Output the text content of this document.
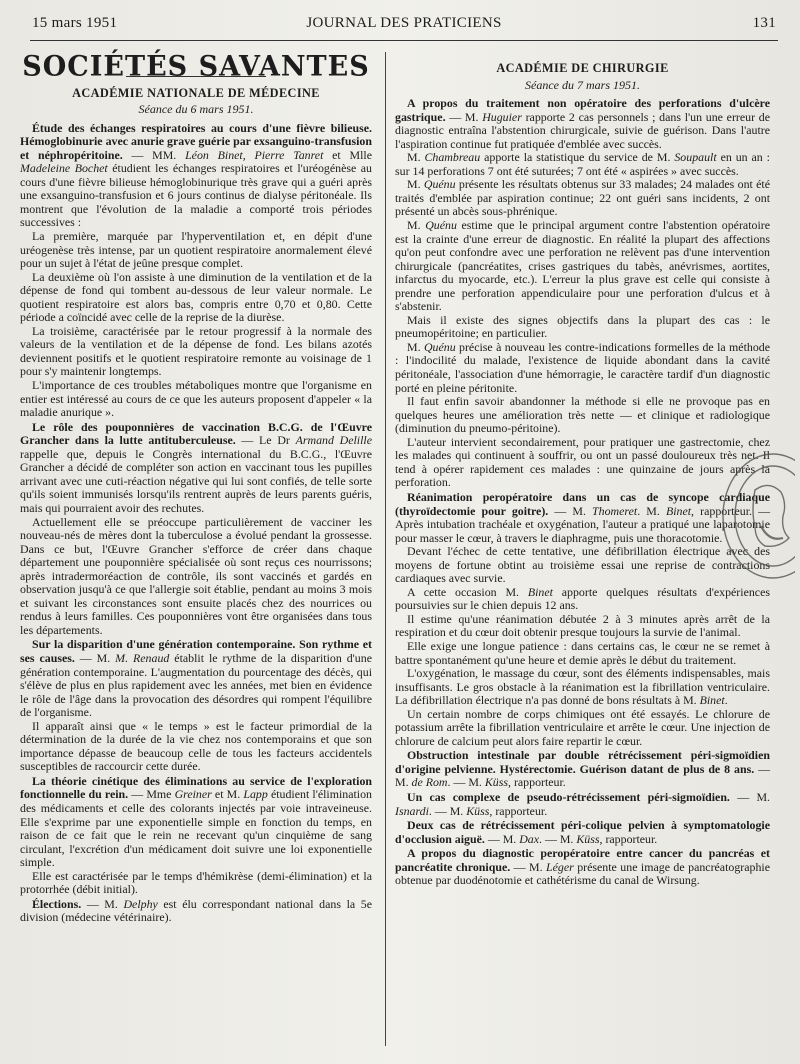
15 mars 1951	JOURNAL DES PRATICIENS	131
SOCIÉTÉS SAVANTES
ACADÉMIE NATIONALE DE MÉDECINE
Séance du 6 mars 1951.

Étude des échanges respiratoires au cours d'une fièvre bilieuse. Hémoglobinurie avec anurie grave guérie par exsanguino-transfusion et néphropéritoine. — MM. Léon Binet, Pierre Tanret et Mlle Madeleine Bochet étudient les échanges respiratoires et l'uréogénèse au cours d'une fièvre bilieuse hémoglobinurique très grave qui a guéri après une exsanguino-transfusion et 6 jours continus de dialyse péritonéale. Ils montrent que l'évolution de la maladie a comporté trois périodes successives :

La première, marquée par l'hyperventilation et, en dépit d'une uréogenèse très intense, par un quotient respiratoire anormalement élevé pour un sujet à l'état de jeûne presque complet.

La deuxième où l'on assiste à une diminution de la ventilation et de la dépense de fond qui tombent au-dessous de leur valeur normale. Le quotient respiratoire est alors bas, compris entre 0,70 et 0,80. Cette période a coïncidé avec celle de la reprise de la diurèse.

La troisième, caractérisée par le retour progressif à la normale des valeurs de la ventilation et de la dépense de fond. Les bilans azotés deviennent positifs et le quotient respiratoire remonte au voisinage de 1 pour s'y maintenir longtemps.

L'importance de ces troubles métaboliques montre que l'organisme en entier est intéressé au cours de ce que les auteurs proposent d'appeler « la maladie anurique ».

Le rôle des pouponnières de vaccination B.C.G. de l'Œuvre Grancher dans la lutte antituberculeuse. — Le Dr Armand Delille rappelle que, depuis le Congrès international du B.C.G., l'Œuvre Grancher a décidé de compléter son action en vaccinant tous les pupilles arrivant avec une cuti-réaction négative qui lui sont confiés, de telle sorte qu'ils soient immunisés lorsqu'ils rentrent auprès de leurs parents guéris, mais qui pourraient avoir des rechutes.

Actuellement elle se préoccupe particulièrement de vacciner les nouveau-nés de mères dont la tuberculose a évolué pendant la grossesse. Dans ce but, l'Œuvre Grancher s'efforce de créer dans chaque département une pouponnière spécialisée où sont reçus ces nourrissons; après intradermoréaction de contrôle, ils sont vaccinés et gardés en observation jusqu'à ce que l'allergie soit établie, pendant au moins 3 mois et suivant les circonstances sont ensuite placés chez des nourrices ou rendus à leurs familles. Ces pouponnières vont être organisées dans tous les départements.

Sur la disparition d'une génération contemporaine. Son rythme et ses causes. — M. M. Renaud établit le rythme de la disparition d'une génération contemporaine. L'augmentation du pourcentage des décès, qui s'élève de plus en plus rapidement avec les années, met bien en évidence le rôle de l'âge dans la provocation des désordres qui rompent l'équilibre de l'organisme.

Il apparaît ainsi que « le temps » est le facteur primordial de la détermination de la durée de la vie chez nos contemporains et que son importance dépasse de beaucoup celle de tous les facteurs accidentels susceptibles de raccourcir cette durée.

La théorie cinétique des éliminations au service de l'exploration fonctionnelle du rein. — Mme Greiner et M. Lapp étudient l'élimination des médicaments et celle des colorants injectés par voie intraveineuse. Elle s'exprime par une exponentielle simple en fonction du temps, en raison de ce fait que le rein ne recevant qu'un cinquième de sang circulant, l'excrétion d'un médicament doit suivre une loi exponentielle simple.

Elle est caractérisée par le temps d'hémikrèse (demi-élimination) et la protorrhée (débit initial).

Élections. — M. Delphy est élu correspondant national dans la 5e division (médecine vétérinaire).

ACADÉMIE DE CHIRURGIE
Séance du 7 mars 1951.

A propos du traitement non opératoire des perforations d'ulcère gastrique. — M. Huguier rapporte 2 cas personnels ; dans l'un une erreur de diagnostic entraîna l'abstention chirurgicale, suivie de guérison. Dans l'autre l'aspiration continue fut pratiquée d'emblée avec succès.

M. Chambreau apporte la statistique du service de M. Soupault en un an : sur 14 perforations 7 ont été suturées; 7 ont été « aspirées » avec succès.

M. Quénu présente les résultats obtenus sur 33 malades; 24 malades ont été traités d'emblée par aspiration continue; 22 ont guéri sans incidents, 2 ont présenté un abcès sous-phrénique.

M. Quénu estime que le principal argument contre l'abstention opératoire est la crainte d'une erreur de diagnostic. En réalité la plupart des affections qu'on peut confondre avec une perforation ne relèvent pas d'une intervention chirurgicale (pancréatites, crises gastriques du tabès, anévrismes, aortites, infarctus du myocarde, etc.). L'erreur la plus grave est celle qui consiste à prendre une perforation appendiculaire pour une perforation d'ulcus et à s'abstenir.

Mais il existe des signes objectifs dans la plupart des cas : le pneumopéritoine; en particulier.

M. Quénu précise à nouveau les contre-indications formelles de la méthode : l'indocilité du malade, l'existence de liquide abondant dans la cavité péritonéale, l'association d'une hémorragie, le caractère tardif d'un diagnostic porté en pleine péritonite.

Il faut enfin savoir abandonner la méthode si elle ne provoque pas en quelques heures une amélioration très nette — et clinique et radiologique (diminution du pneumo-péritoine).

L'auteur intervient secondairement, pour pratiquer une gastrectomie, chez les malades qui continuent à souffrir, ou ont un passé douloureux très net. Il tend à opérer rapidement ces malades : une quinzaine de jours après la perforation.

Réanimation peropératoire dans un cas de syncope cardiaque (thyroïdectomie pour goitre). — M. Thomeret. M. Binet, rapporteur. — Après intubation trachéale et oxygénation, l'auteur a pratiqué une laparotomie pour masser le cœur, à travers le diaphragme, puis une thoracotomie.

Devant l'échec de cette tentative, une défibrillation électrique avec des moyens de fortune obtint au troisième essai une reprise de contractions cardiaques avec survie.

A cette occasion M. Binet apporte quelques résultats d'expériences poursuivies sur le chien depuis 12 ans.

Il estime qu'une réanimation débutée 2 à 3 minutes après arrêt de la respiration et du cœur doit obtenir presque toujours la survie de l'animal.

Elle exige une longue patience : dans certains cas, le cœur ne se remet à battre spontanément qu'une heure et demie après le début du traitement.

L'oxygénation, le massage du cœur, sont des éléments indispensables, mais insuffisants. Le gros obstacle à la réanimation est la fibrillation ventriculaire. La défibrillation électrique n'a pas donné de bons résultats à M. Binet.

Un certain nombre de corps chimiques ont été essayés. Le chlorure de potassium arrête la fibrillation ventriculaire et arrête le cœur. Une injection de chlorure de calcium peut alors faire repartir le cœur.

Obstruction intestinale par double rétrécissement péri-sigmoïdien d'origine pelvienne. Hystérectomie. Guérison datant de plus de 8 ans. — M. de Rom. — M. Küss, rapporteur.

Un cas complexe de pseudo-rétrécissement péri-sigmoïdien. — M. Isnardi. — M. Küss, rapporteur.

Deux cas de rétrécissement péri-colique pelvien à symptomatologie d'occlusion aiguë. — M. Dax. — M. Küss, rapporteur.

A propos du diagnostic peropératoire entre cancer du pancréas et pancréatite chronique. — M. Léger présente une image de pancréatographie obtenue par duodénotomie et cathétérisme du canal de Wirsung.
